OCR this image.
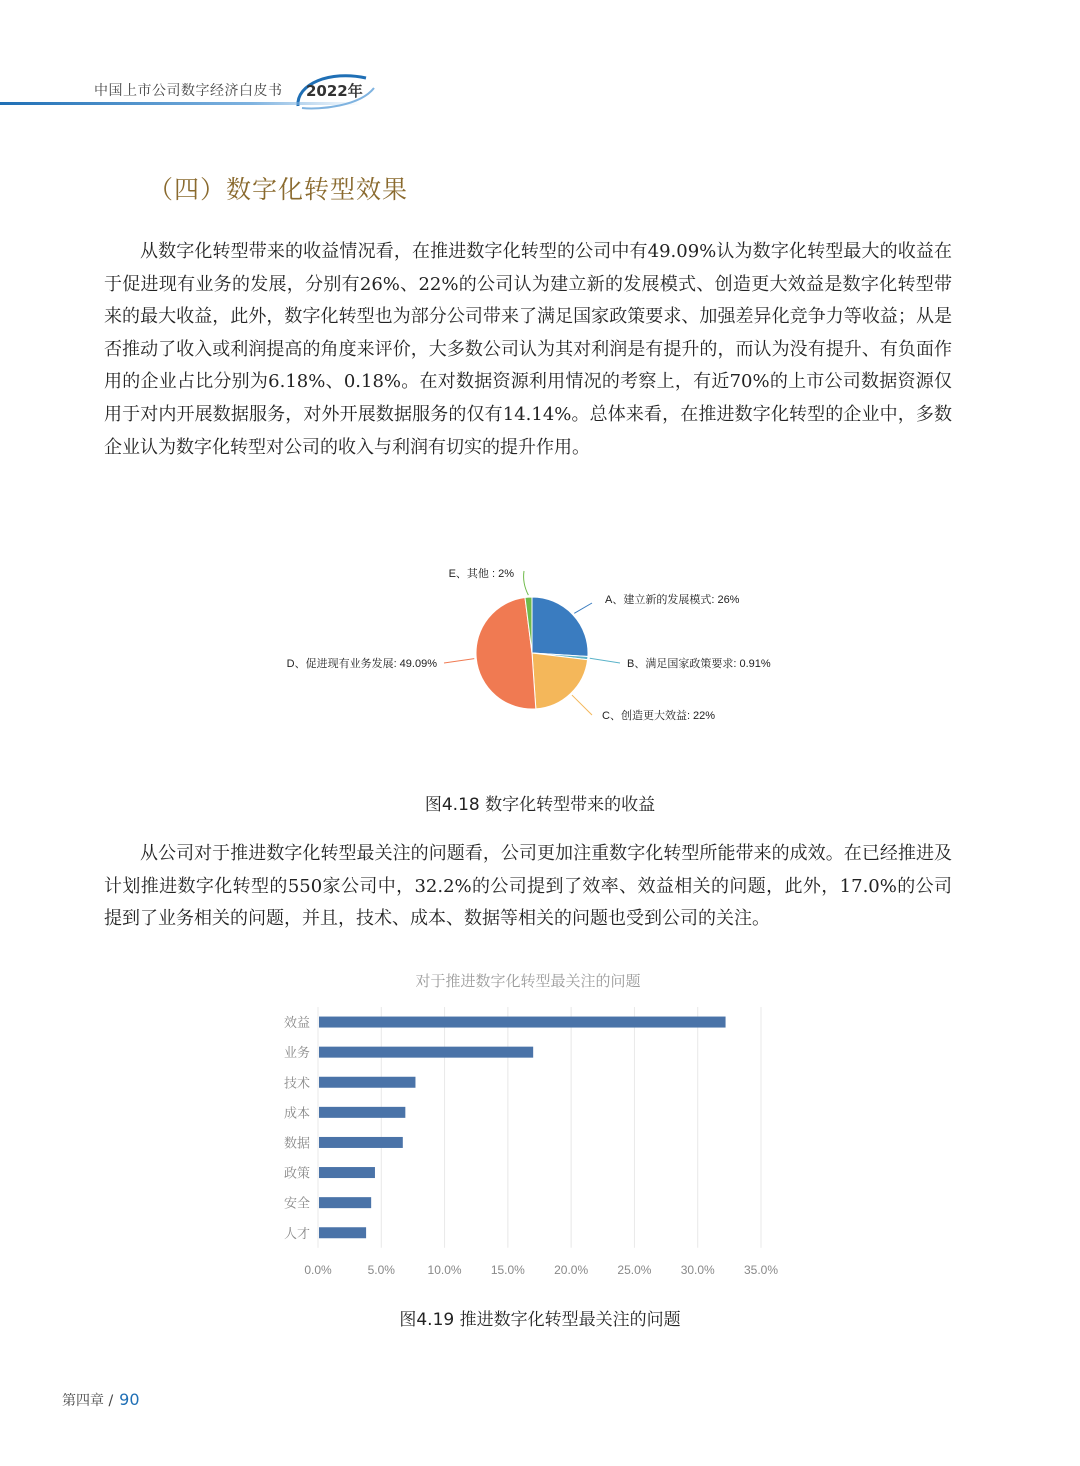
中国上市公司数字经济白皮书 2022年
（四）数字化转型效果

从数字化转型带来的收益情况看，在推进数字化转型的公司中有49.09%认为数字化转型最大的收益在于促进现有业务的发展，分别有26%、22%的公司认为建立新的发展模式、创造更大效益是数字化转型带来的最大收益，此外，数字化转型也为部分公司带来了满足国家政策要求、加强差异化竞争力等收益；从是否推动了收入或利润提高的角度来评价，大多数公司认为其对利润是有提升的，而认为没有提升、有负面作用的企业占比分别为6.18%、0.18%。在对数据资源利用情况的考察上，有近70%的上市公司数据资源仅用于对内开展数据服务，对外开展数据服务的仅有14.14%。总体来看，在推进数字化转型的企业中，多数企业认为数字化转型对公司的收入与利润有切实的提升作用。

A、建立新的发展模式: 26%
B、满足国家政策要求: 0.91%
C、创造更大效益: 22%
D、促进现有业务发展: 49.09%
E、其他 : 2%
图4.18 数字化转型带来的收益

从公司对于推进数字化转型最关注的问题看，公司更加注重数字化转型所能带来的成效。在已经推进及计划推进数字化转型的550家公司中，32.2%的公司提到了效率、效益相关的问题，此外，17.0%的公司提到了业务相关的问题，并且，技术、成本、数据等相关的问题也受到公司的关注。

对于推进数字化转型最关注的问题
0.0%	5.0%	10.0% 15.0% 20.0% 25.0% 30.0% 35.0%
效益
业务
技术
成本
数据
政策
安全
人才
图4.19 推进数字化转型最关注的问题
第四章 / 90
